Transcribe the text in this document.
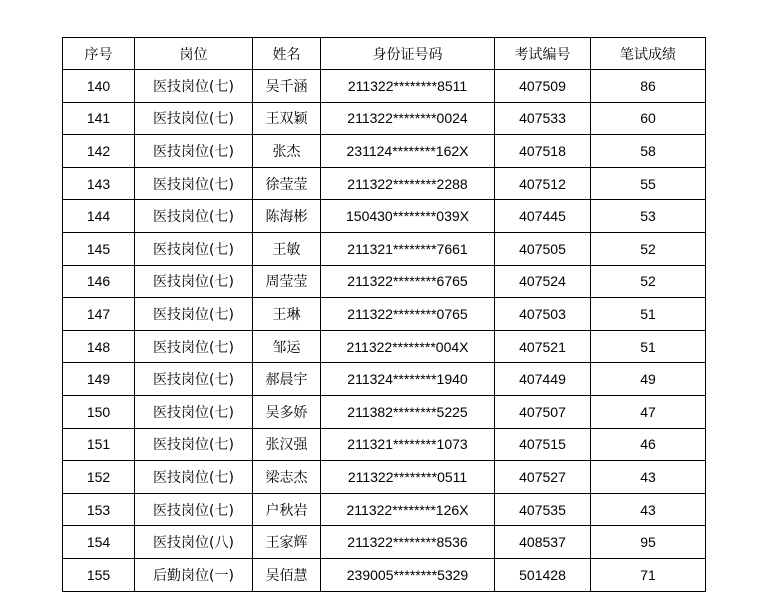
序号	岗位	姓名	身份证号码	考试编号	笔试成绩
140	医技岗位(七)	吴千涵	211322********8511	407509	86
141	医技岗位(七)	王双颖	211322********0024	407533	60
142	医技岗位(七)	张杰	231124********162X	407518	58
143	医技岗位(七)	徐莹莹	211322********2288	407512	55
144	医技岗位(七)	陈海彬	150430********039X	407445	53
145	医技岗位(七)	王敏	211321********7661	407505	52
146	医技岗位(七)	周莹莹	211322********6765	407524	52
147	医技岗位(七)	王琳	211322********0765	407503	51
148	医技岗位(七)	邹运	211322********004X	407521	51
149	医技岗位(七)	郝晨宇	211324********1940	407449	49
150	医技岗位(七)	吴多娇	211382********5225	407507	47
151	医技岗位(七)	张汉强	211321********1073	407515	46
152	医技岗位(七)	梁志杰	211322********0511	407527	43
153	医技岗位(七)	户秋岩	211322********126X	407535	43
154	医技岗位(八)	王家辉	211322********8536	408537	95
155	后勤岗位(一)	吴佰慧	239005********5329	501428	71
